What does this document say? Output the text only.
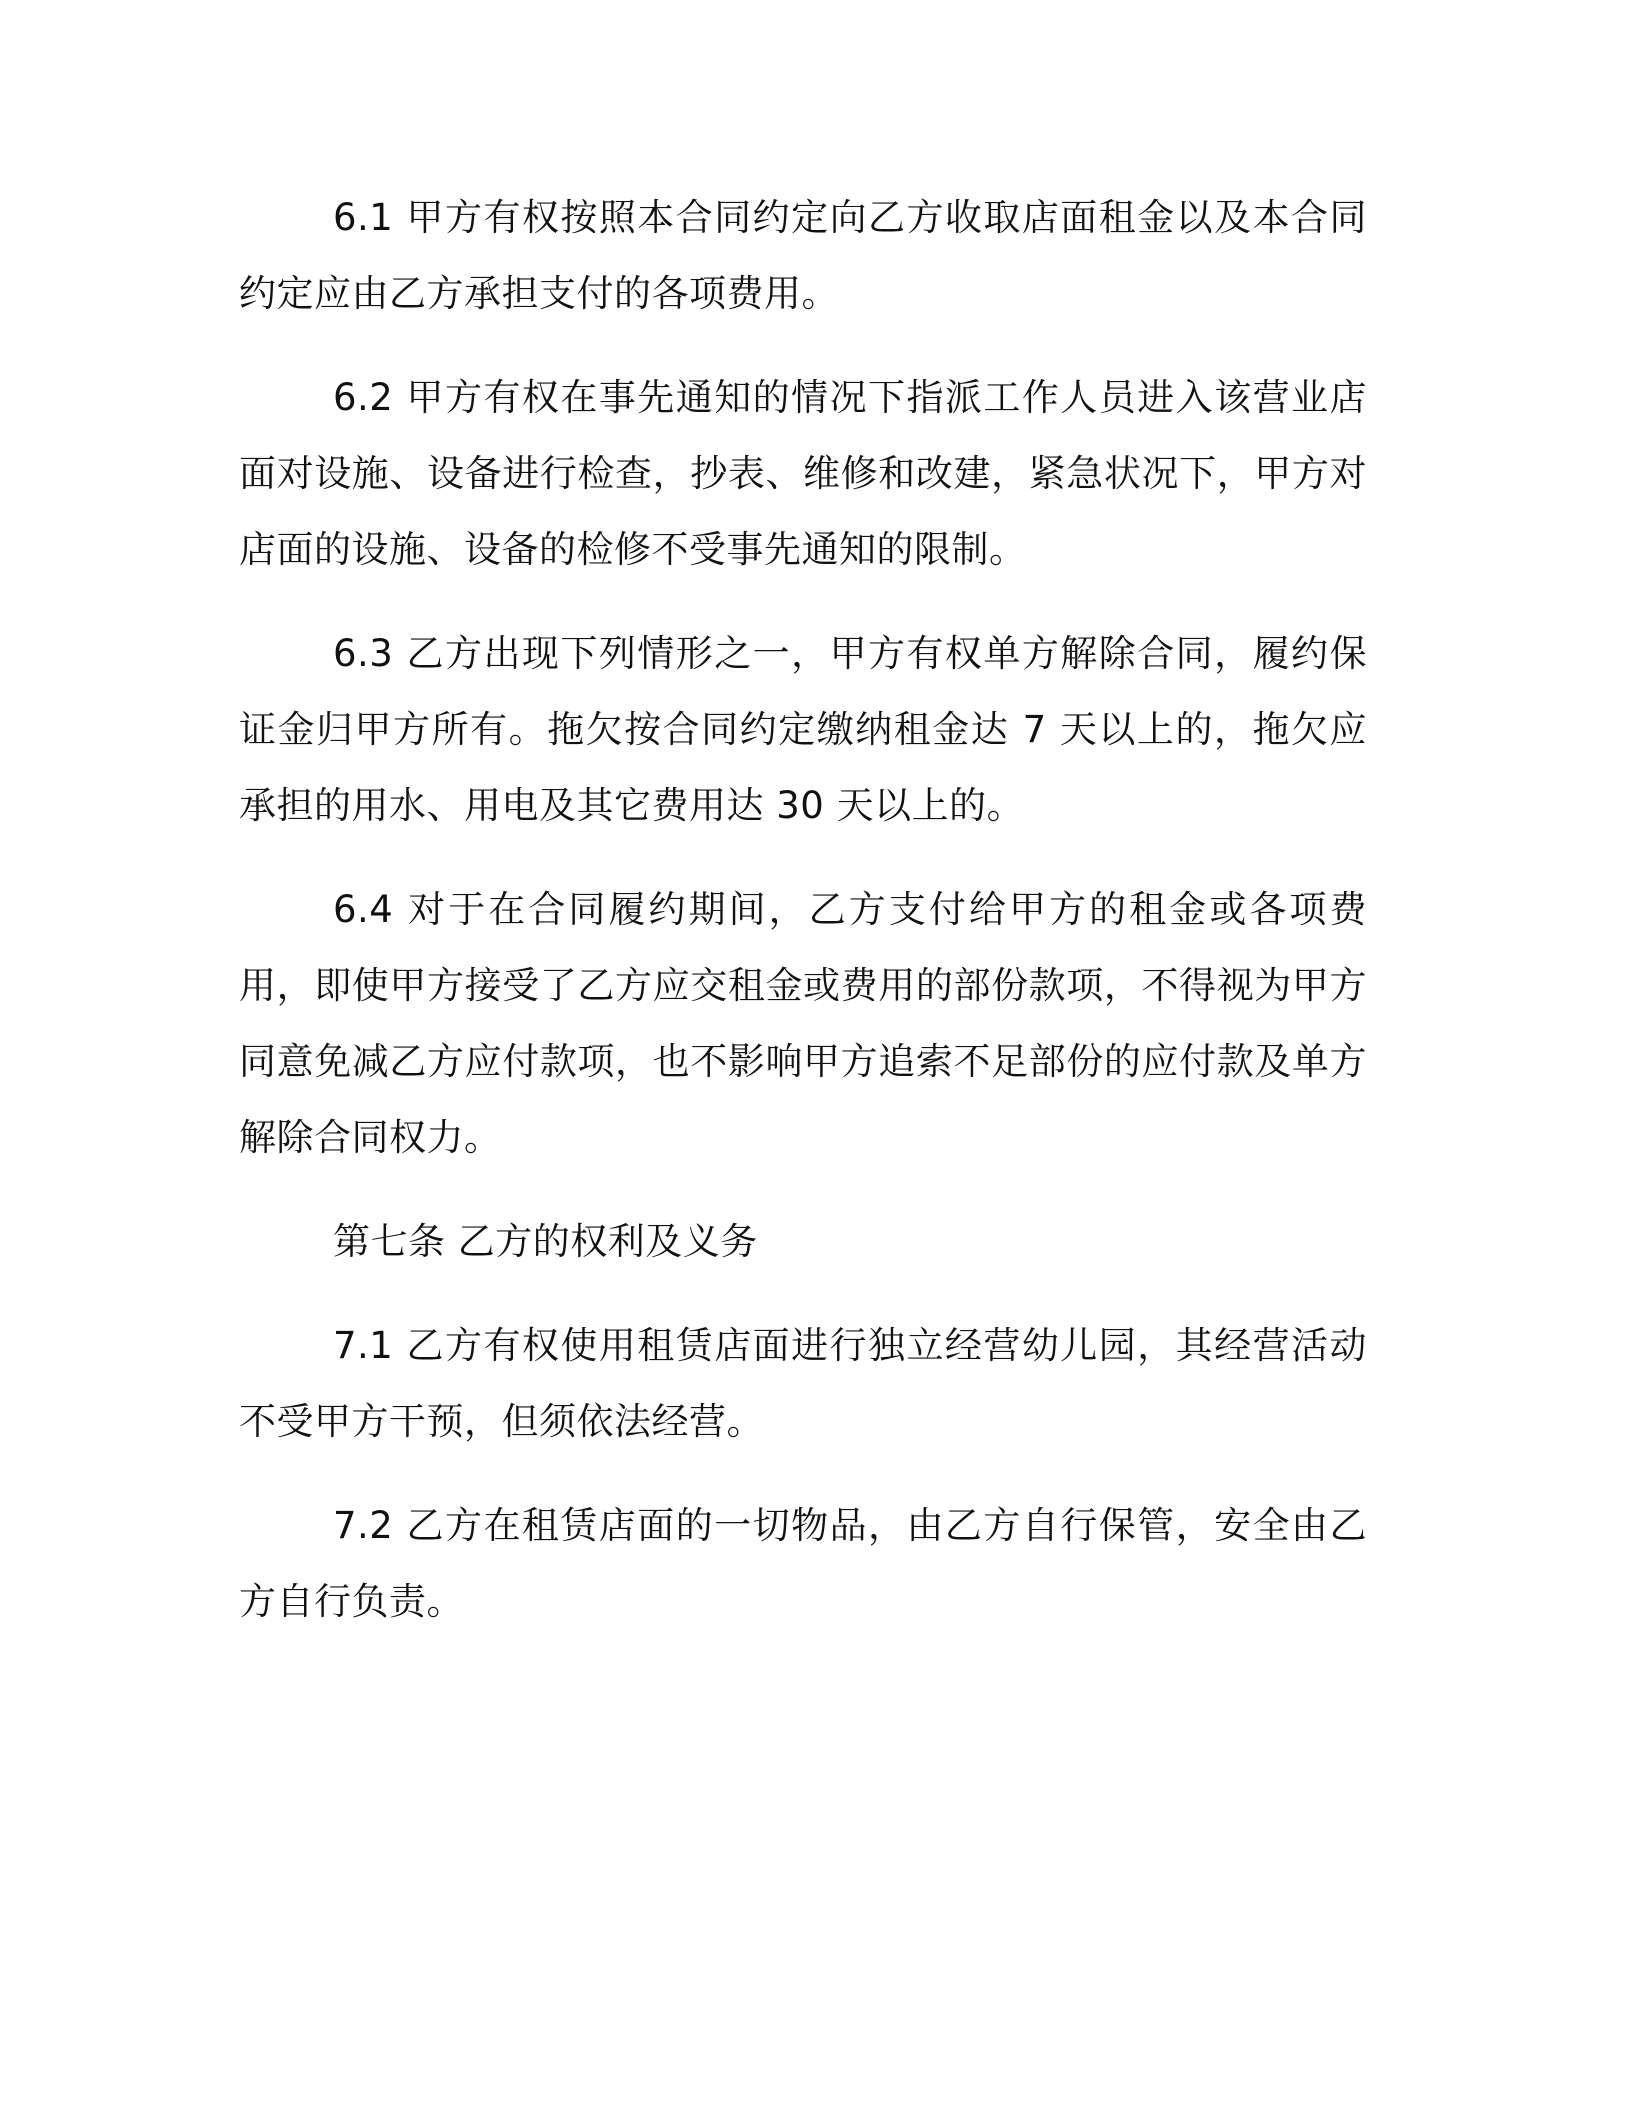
6.1 甲方有权按照本合同约定向乙方收取店面租金以及本合同约定应由乙方承担支付的各项费用。

6.2 甲方有权在事先通知的情况下指派工作人员进入该营业店面对设施、设备进行检查，抄表、维修和改建，紧急状况下，甲方对店面的设施、设备的检修不受事先通知的限制。

6.3 乙方出现下列情形之一，甲方有权单方解除合同，履约保证金归甲方所有。拖欠按合同约定缴纳租金达 7 天以上的，拖欠应承担的用水、用电及其它费用达 30 天以上的。

6.4 对于在合同履约期间，乙方支付给甲方的租金或各项费用，即使甲方接受了乙方应交租金或费用的部份款项，不得视为甲方同意免减乙方应付款项，也不影响甲方追索不足部份的应付款及单方解除合同权力。

第七条 乙方的权利及义务

7.1 乙方有权使用租赁店面进行独立经营幼儿园，其经营活动不受甲方干预，但须依法经营。

7.2 乙方在租赁店面的一切物品，由乙方自行保管，安全由乙方自行负责。
